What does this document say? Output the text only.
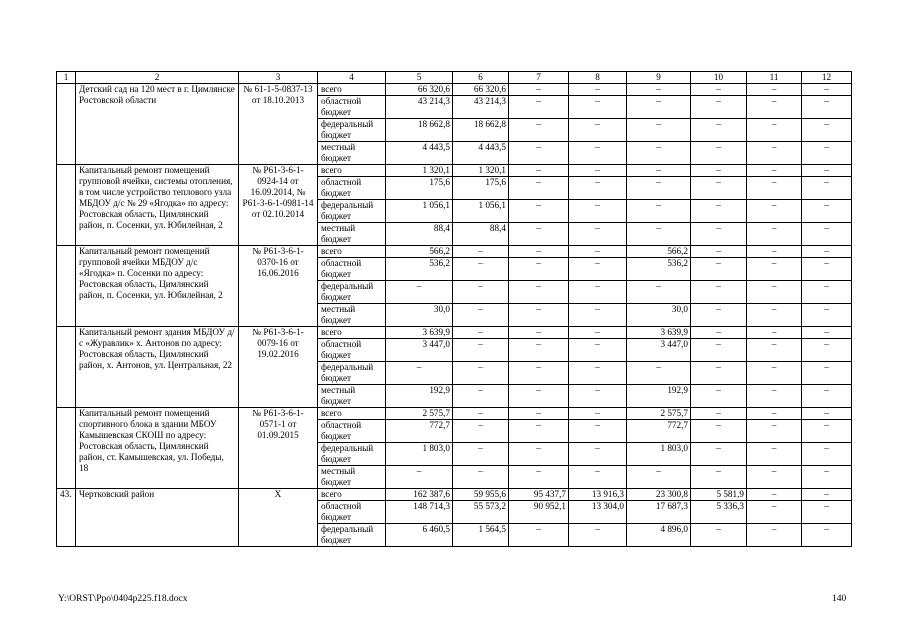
1	2	3	4	5	6	7	8	9	10	11	12
	Детский сад на 120 мест в г. Цимлянске Ростовской области	№ 61-1-5-0837-13 от 18.10.2013	всего	66 320,6	66 320,6	–	–	–	–	–	–
			областной бюджет	43 214,3	43 214,3	–	–	–	–	–	–
			федеральный бюджет	18 662,8	18 662,8	–	–	–	–	–	–
			местный бюджет	4 443,5	4 443,5	–	–	–	–	–	–
	Капитальный ремонт помещений групповой ячейки, системы отопления, в том числе устройство теплового узла МБДОУ д/с № 29 «Ягодка» по адресу: Ростовская область, Цимлянский район, п. Сосенки, ул. Юбилейная, 2	№ Р61-3-6-1-0924-14 от 16.09.2014, № Р61-3-6-1-0981-14 от 02.10.2014	всего	1 320,1	1 320,1	–	–	–	–	–	–
			областной бюджет	175,6	175,6	–	–	–	–	–	–
			федеральный бюджет	1 056,1	1 056,1	–	–	–	–	–	–
			местный бюджет	88,4	88,4	–	–	–	–	–	–
	Капитальный ремонт помещений групповой ячейки МБДОУ д/с «Ягодка» п. Сосенки по адресу: Ростовская область, Цимлянский район, п. Сосенки, ул. Юбилейная, 2	№ Р61-3-6-1-0370-16 от 16.06.2016	всего	566,2	–	–	–	566,2	–	–	–
			областной бюджет	536,2	–	–	–	536,2	–	–	–
			федеральный бюджет	–	–	–	–	–	–	–	–
			местный бюджет	30,0	–	–	–	30,0	–	–	–
	Капитальный ремонт здания МБДОУ д/с «Журавлик» х. Антонов по адресу: Ростовская область, Цимлянский район, х. Антонов, ул. Центральная, 22	№ Р61-3-6-1-0079-16 от 19.02.2016	всего	3 639,9	–	–	–	3 639,9	–	–	–
			областной бюджет	3 447,0	–	–	–	3 447,0	–	–	–
			федеральный бюджет	–	–	–	–	–	–	–	–
			местный бюджет	192,9	–	–	–	192,9	–	–	–
	Капитальный ремонт помещений спортивного блока в здании МБОУ Камышевская СКОШ по адресу: Ростовская область, Цимлянский район, ст. Камышевская, ул. Победы, 18	№ Р61-3-6-1-0571-1 от 01.09.2015	всего	2 575,7	–	–	–	2 575,7	–	–	–
			областной бюджет	772,7	–	–	–	772,7	–	–	–
			федеральный бюджет	1 803,0	–	–	–	1 803,0	–	–	–
			местный бюджет	–	–	–	–	–	–	–	–
43.	Чертковский район	Х	всего	162 387,6	59 955,6	95 437,7	13 916,3	23 300,8	5 581,9	–	–
			областной бюджет	148 714,3	55 573,2	90 952,1	13 304,0	17 687,3	5 336,3	–	–
			федеральный бюджет	6 460,5	1 564,5	–	–	4 896,0	–	–	–
Y:\ORST\Ppo\0404p225.f18.docx	140
